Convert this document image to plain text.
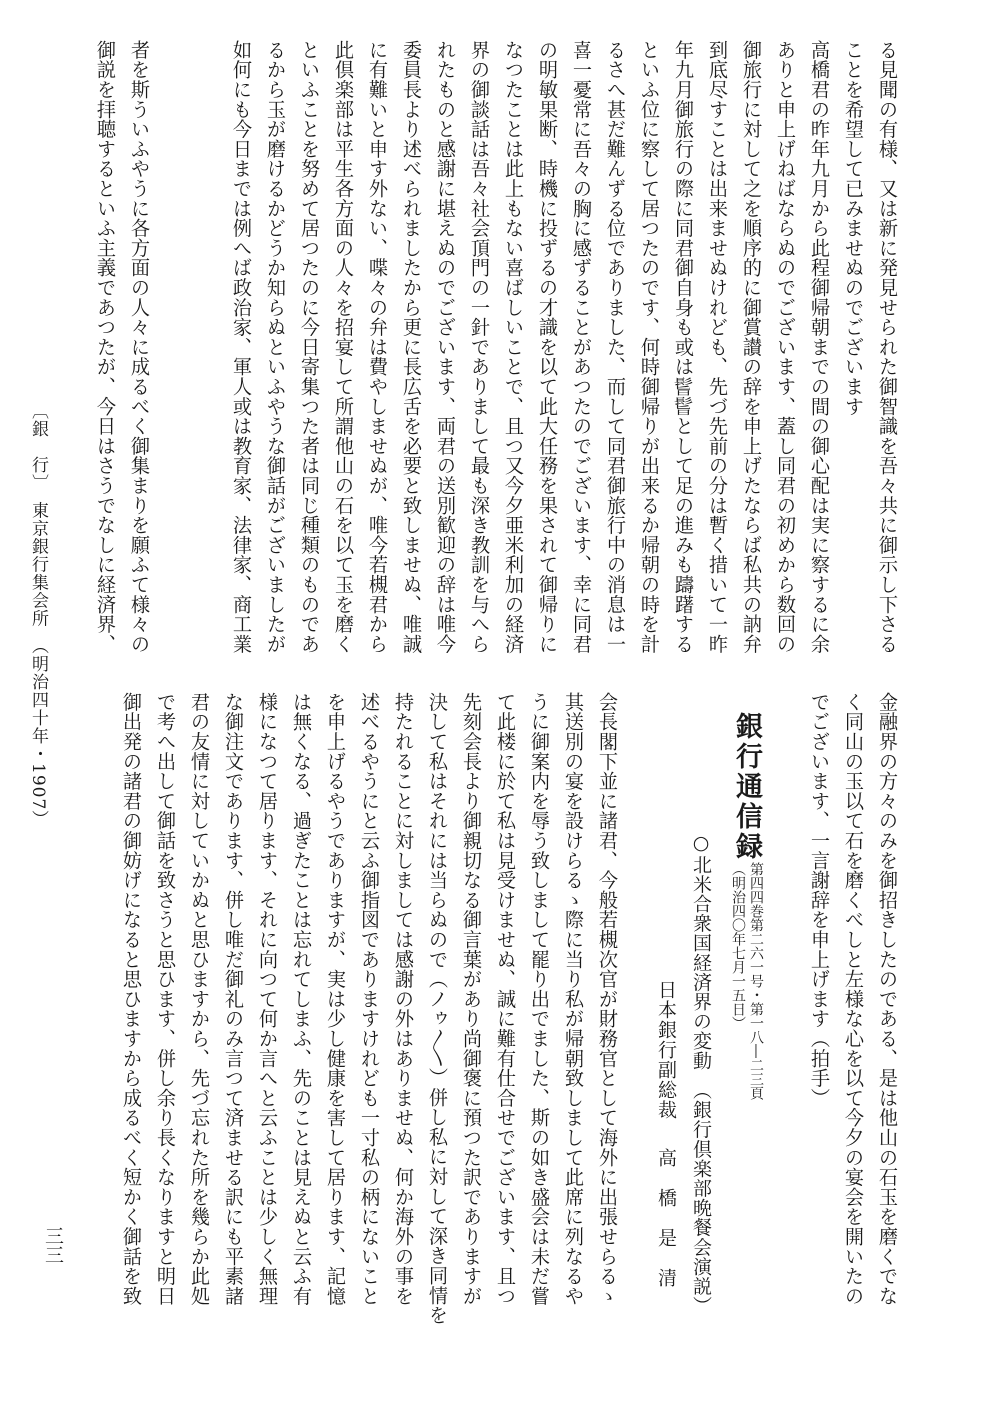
る見聞の有様、又は新に発見せられた御智識を吾々共に御示し下さる
ことを希望して已みませぬのでございます
高橋君の昨年九月から此程御帰朝までの間の御心配は実に察するに余
ありと申上げねばならぬのでございます、蓋し同君の初めから数回の
御旅行に対して之を順序的に御賞讃の辞を申上げたならば私共の訥弁
到底尽すことは出来ませぬけれども、先づ先前の分は暫く措いて一昨
年九月御旅行の際に同君御自身も或は𩬺𩬺として足の進みも躊躇する
といふ位に察して居つたのです、何時御帰りが出来るか帰朝の時を計
るさへ甚だ難んずる位でありました、而して同君御旅行中の消息は一
喜一憂常に吾々の胸に感ずることがあつたのでございます、幸に同君
の明敏果断、時機に投ずるの才識を以て此大任務を果されて御帰りに
なつたことは此上もない喜ばしいことで、且つ又今夕亜米利加の経済
界の御談話は吾々社会頂門の一針でありまして最も深き教訓を与へら
れたものと感謝に堪えぬのでございます、両君の送別歓迎の辞は唯今
委員長より述べられましたから更に長広舌を必要と致しませぬ、唯誠
に有難いと申す外ない、喋々の弁は費やしませぬが、唯今若槻君から
此倶楽部は平生各方面の人々を招宴して所謂他山の石を以て玉を磨く
といふことを努めて居つたのに今日寄集つた者は同じ種類のものであ
るから玉が磨けるかどうか知らぬといふやうな御話がございましたが
如何にも今日までは例へば政治家、軍人或は教育家、法律家、商工業
金融界の方々のみを御招きしたのである、是は他山の石玉を磨くでな
く同山の玉以て石を磨くべしと左様な心を以て今夕の宴会を開いたの
でございます、一言謝辞を申上げます（拍手）
銀行通信録
第四四巻第二六一号・第一八―二三頁
（明治四〇年七月一五日）
○北米合衆国経済界の変動　（銀行倶楽部晩餐会演説）
日本銀行副総裁高　橋　是　清
会長閣下並に諸君、今般若槻次官が財務官として海外に出張せらるゝ
其送別の宴を設けらるゝ際に当り私が帰朝致しまして此席に列なるや
うに御案内を辱う致しまして罷り出でました、斯の如き盛会は未だ嘗
て此楼に於て私は見受けませぬ、誠に難有仕合せでございます、且つ
先刻会長より御親切なる御言葉があり尚御褒に預つた訳でありますが
決して私はそれには当らぬので（ノゥ〳〵）併し私に対して深き同情を
持たれることに対しましては感謝の外はありませぬ、何か海外の事を
述べるやうにと云ふ御指図でありますけれども一寸私の柄にないこと
を申上げるやうでありますが、実は少し健康を害して居ります、記憶
は無くなる、過ぎたことは忘れてしまふ、先のことは見えぬと云ふ有
様になつて居ります、それに向つて何か言へと云ふことは少しく無理
な御注文であります、併し唯だ御礼のみ言つて済ませる訳にも平素諸
君の友情に対していかぬと思ひますから、先づ忘れた所を幾らか此処
で考へ出して御話を致さうと思ひます、併し余り長くなりますと明日
御出発の諸君の御妨げになると思ひますから成るべく短かく御話を致
者を斯ういふやうに各方面の人々に成るべく御集まりを願ふて様々の
御説を拝聴するといふ主義であつたが、今日はさうでなしに経済界、
〔銀　行〕　東京銀行集会所　（明治四十年・1907）
三三
